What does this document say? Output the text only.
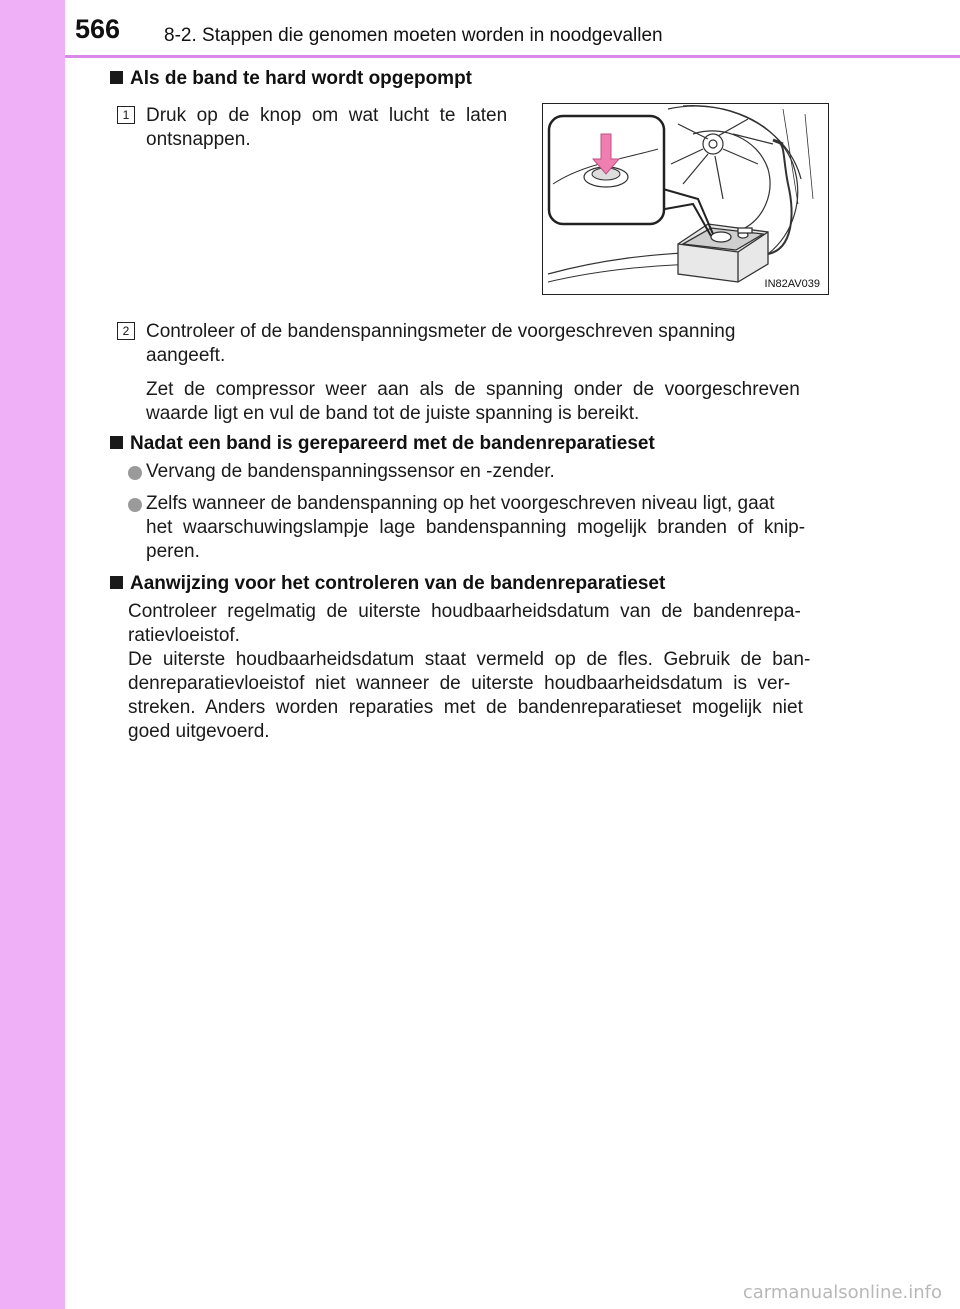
566 8-2. Stappen die genomen moeten worden in noodgevallen
Als de band te hard wordt opgepompt
1 Druk  op  de  knop  om  wat  lucht  te  laten
ontsnappen.
IN82AV039
2 Controleer of de bandenspanningsmeter de voorgeschreven spanning
aangeeft.
Zet  de  compressor  weer  aan  als  de  spanning  onder  de  voorgeschreven
waarde ligt en vul de band tot de juiste spanning is bereikt.
Nadat een band is gerepareerd met de bandenreparatieset
Vervang de bandenspanningssensor en -zender.
Zelfs wanneer de bandenspanning op het voorgeschreven niveau ligt, gaat
het  waarschuwingslampje  lage  bandenspanning  mogelijk  branden  of  knip-
peren.
Aanwijzing voor het controleren van de bandenreparatieset
Controleer  regelmatig  de  uiterste  houdbaarheidsdatum  van  de  bandenrepa-
ratievloeistof.
De  uiterste  houdbaarheidsdatum  staat  vermeld  op  de  fles.  Gebruik  de  ban-
denreparatievloeistof  niet  wanneer  de  uiterste  houdbaarheidsdatum  is  ver-
streken.  Anders  worden  reparaties  met  de  bandenreparatieset  mogelijk  niet
goed uitgevoerd.
carmanualsonline.info
